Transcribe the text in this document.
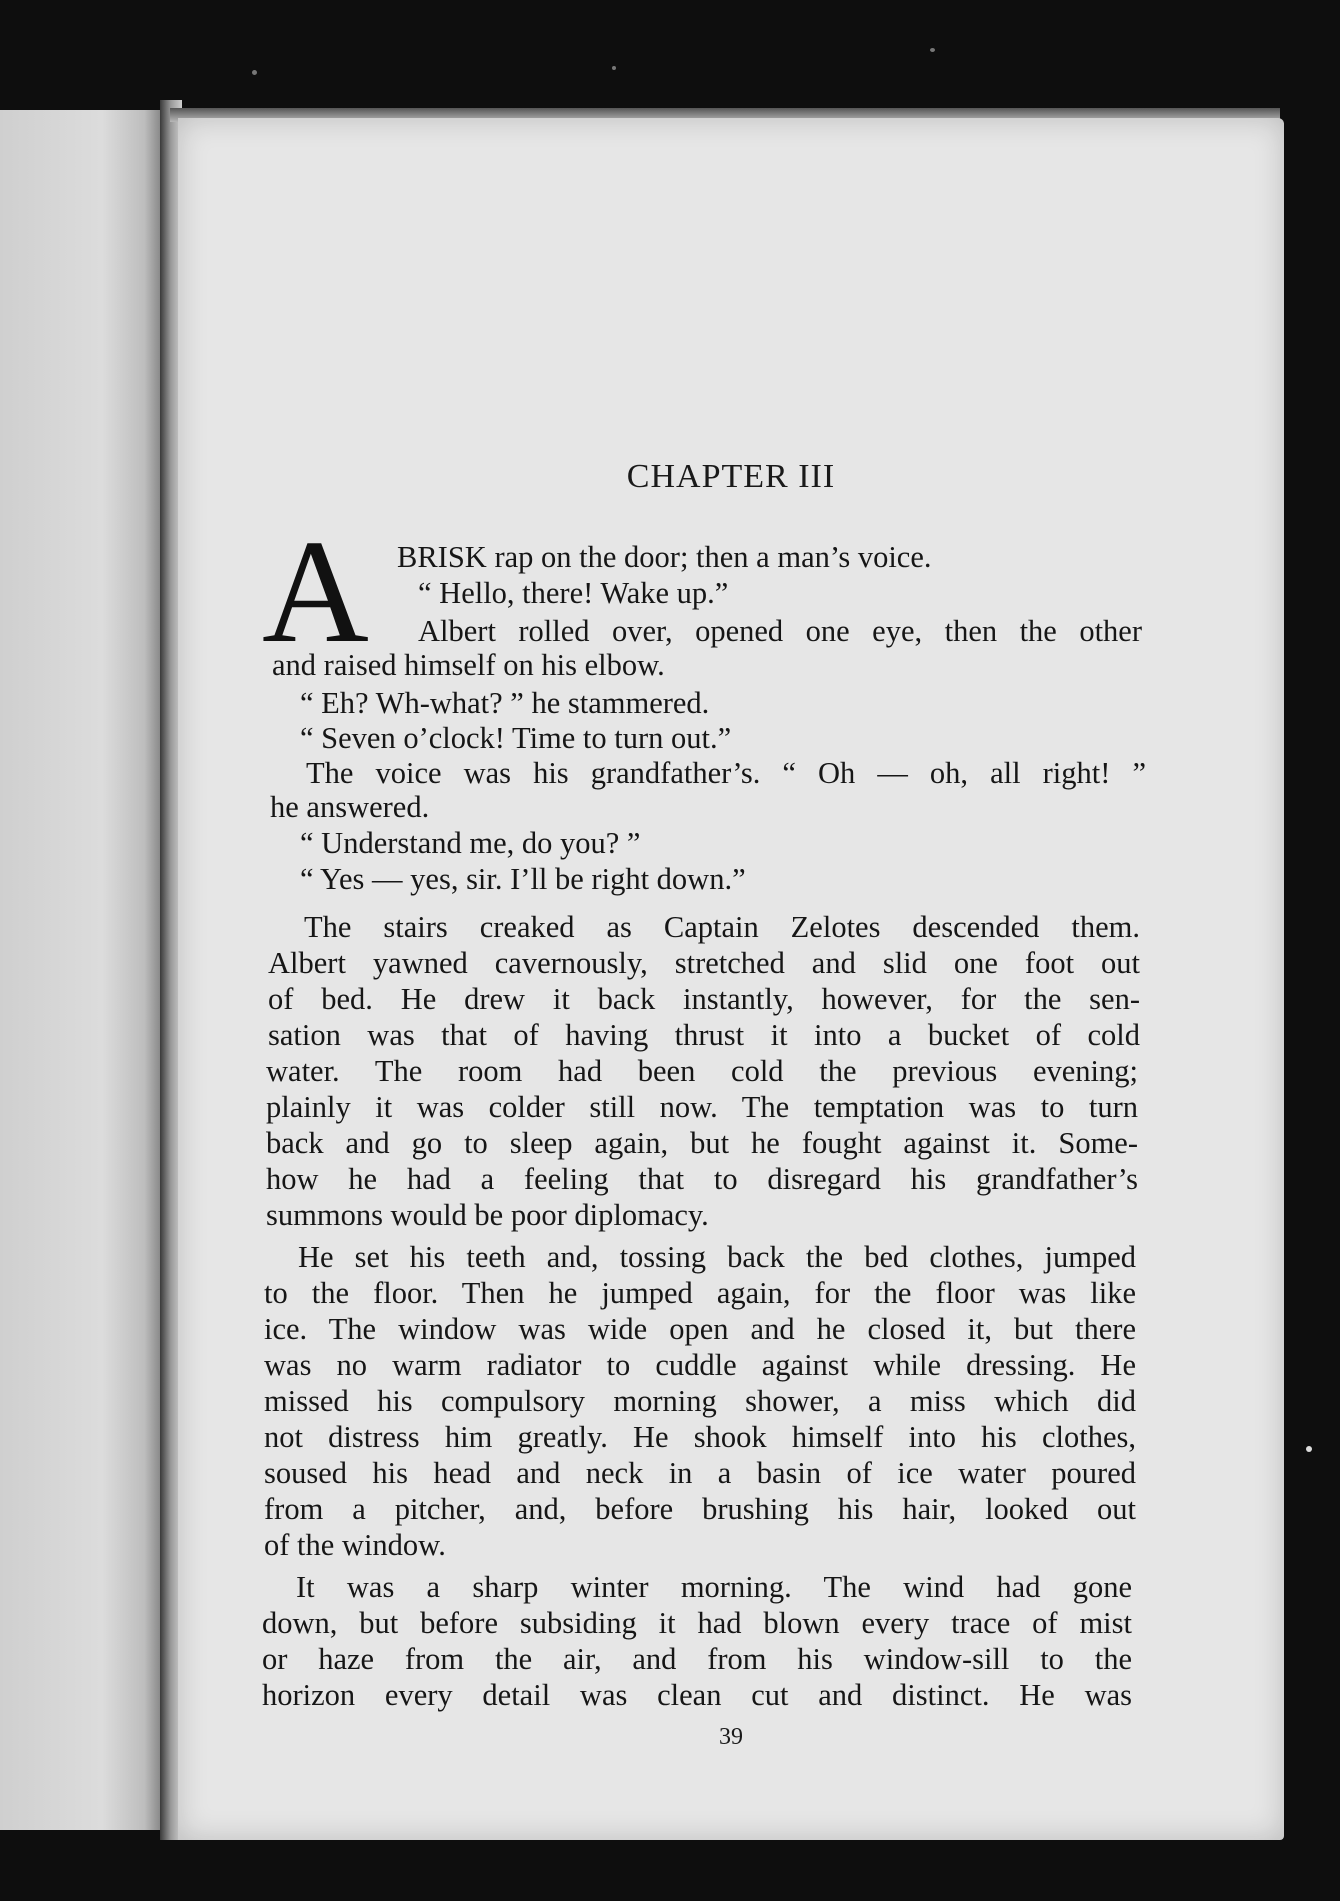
CHAPTER III
A BRISK rap on the door; then a man’s voice.
“ Hello, there! Wake up.”
Albert rolled over, opened one eye, then the other
and raised himself on his elbow.
“ Eh? Wh-what? ” he stammered.
“ Seven o’clock! Time to turn out.”
The voice was his grandfather’s. “ Oh — oh, all right! ”
he answered.
“ Understand me, do you? ”
“ Yes — yes, sir. I’ll be right down.”
The stairs creaked as Captain Zelotes descended them.
Albert yawned cavernously, stretched and slid one foot out
of bed. He drew it back instantly, however, for the sen-
sation was that of having thrust it into a bucket of cold
water. The room had been cold the previous evening;
plainly it was colder still now. The temptation was to turn
back and go to sleep again, but he fought against it. Some-
how he had a feeling that to disregard his grandfather’s
summons would be poor diplomacy.
He set his teeth and, tossing back the bed clothes, jumped
to the floor. Then he jumped again, for the floor was like
ice. The window was wide open and he closed it, but there
was no warm radiator to cuddle against while dressing. He
missed his compulsory morning shower, a miss which did
not distress him greatly. He shook himself into his clothes,
soused his head and neck in a basin of ice water poured
from a pitcher, and, before brushing his hair, looked out
of the window.
It was a sharp winter morning. The wind had gone
down, but before subsiding it had blown every trace of mist
or haze from the air, and from his window-sill to the
horizon every detail was clean cut and distinct. He was
39
